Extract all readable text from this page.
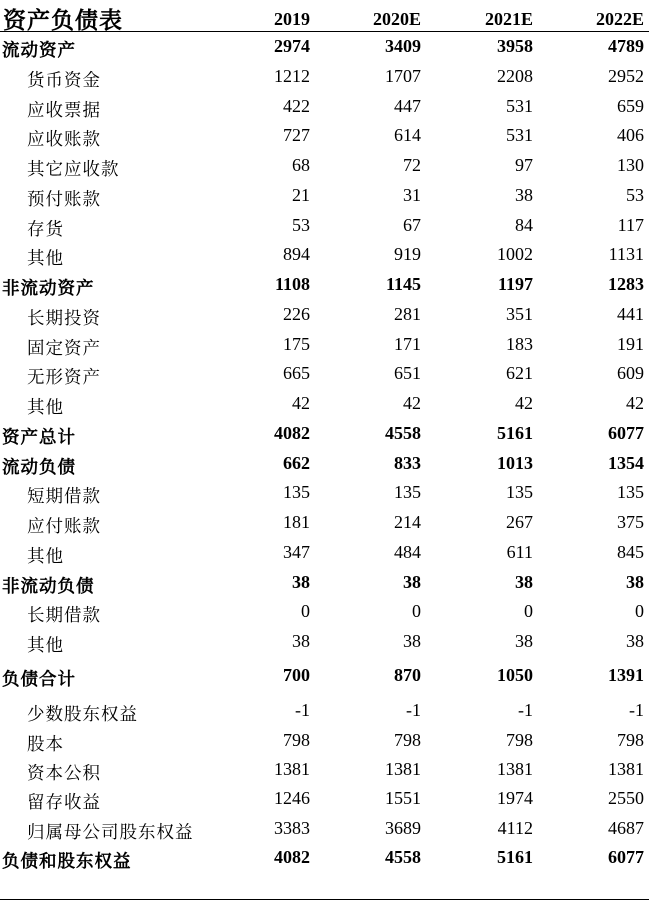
资产负债表	2019	2020E	2021E	2022E
流动资产	2974	3409	3958	4789
货币资金	1212	1707	2208	2952
应收票据	422	447	531	659
应收账款	727	614	531	406
其它应收款	68	72	97	130
预付账款	21	31	38	53
存货	53	67	84	117
其他	894	919	1002	1131
非流动资产	1108	1145	1197	1283
长期投资	226	281	351	441
固定资产	175	171	183	191
无形资产	665	651	621	609
其他	42	42	42	42
资产总计	4082	4558	5161	6077
流动负债	662	833	1013	1354
短期借款	135	135	135	135
应付账款	181	214	267	375
其他	347	484	611	845
非流动负债	38	38	38	38
长期借款	0	0	0	0
其他	38	38	38	38
负债合计	700	870	1050	1391
少数股东权益	-1	-1	-1	-1
股本	798	798	798	798
资本公积	1381	1381	1381	1381
留存收益	1246	1551	1974	2550
归属母公司股东权益	3383	3689	4112	4687
负债和股东权益	4082	4558	5161	6077
